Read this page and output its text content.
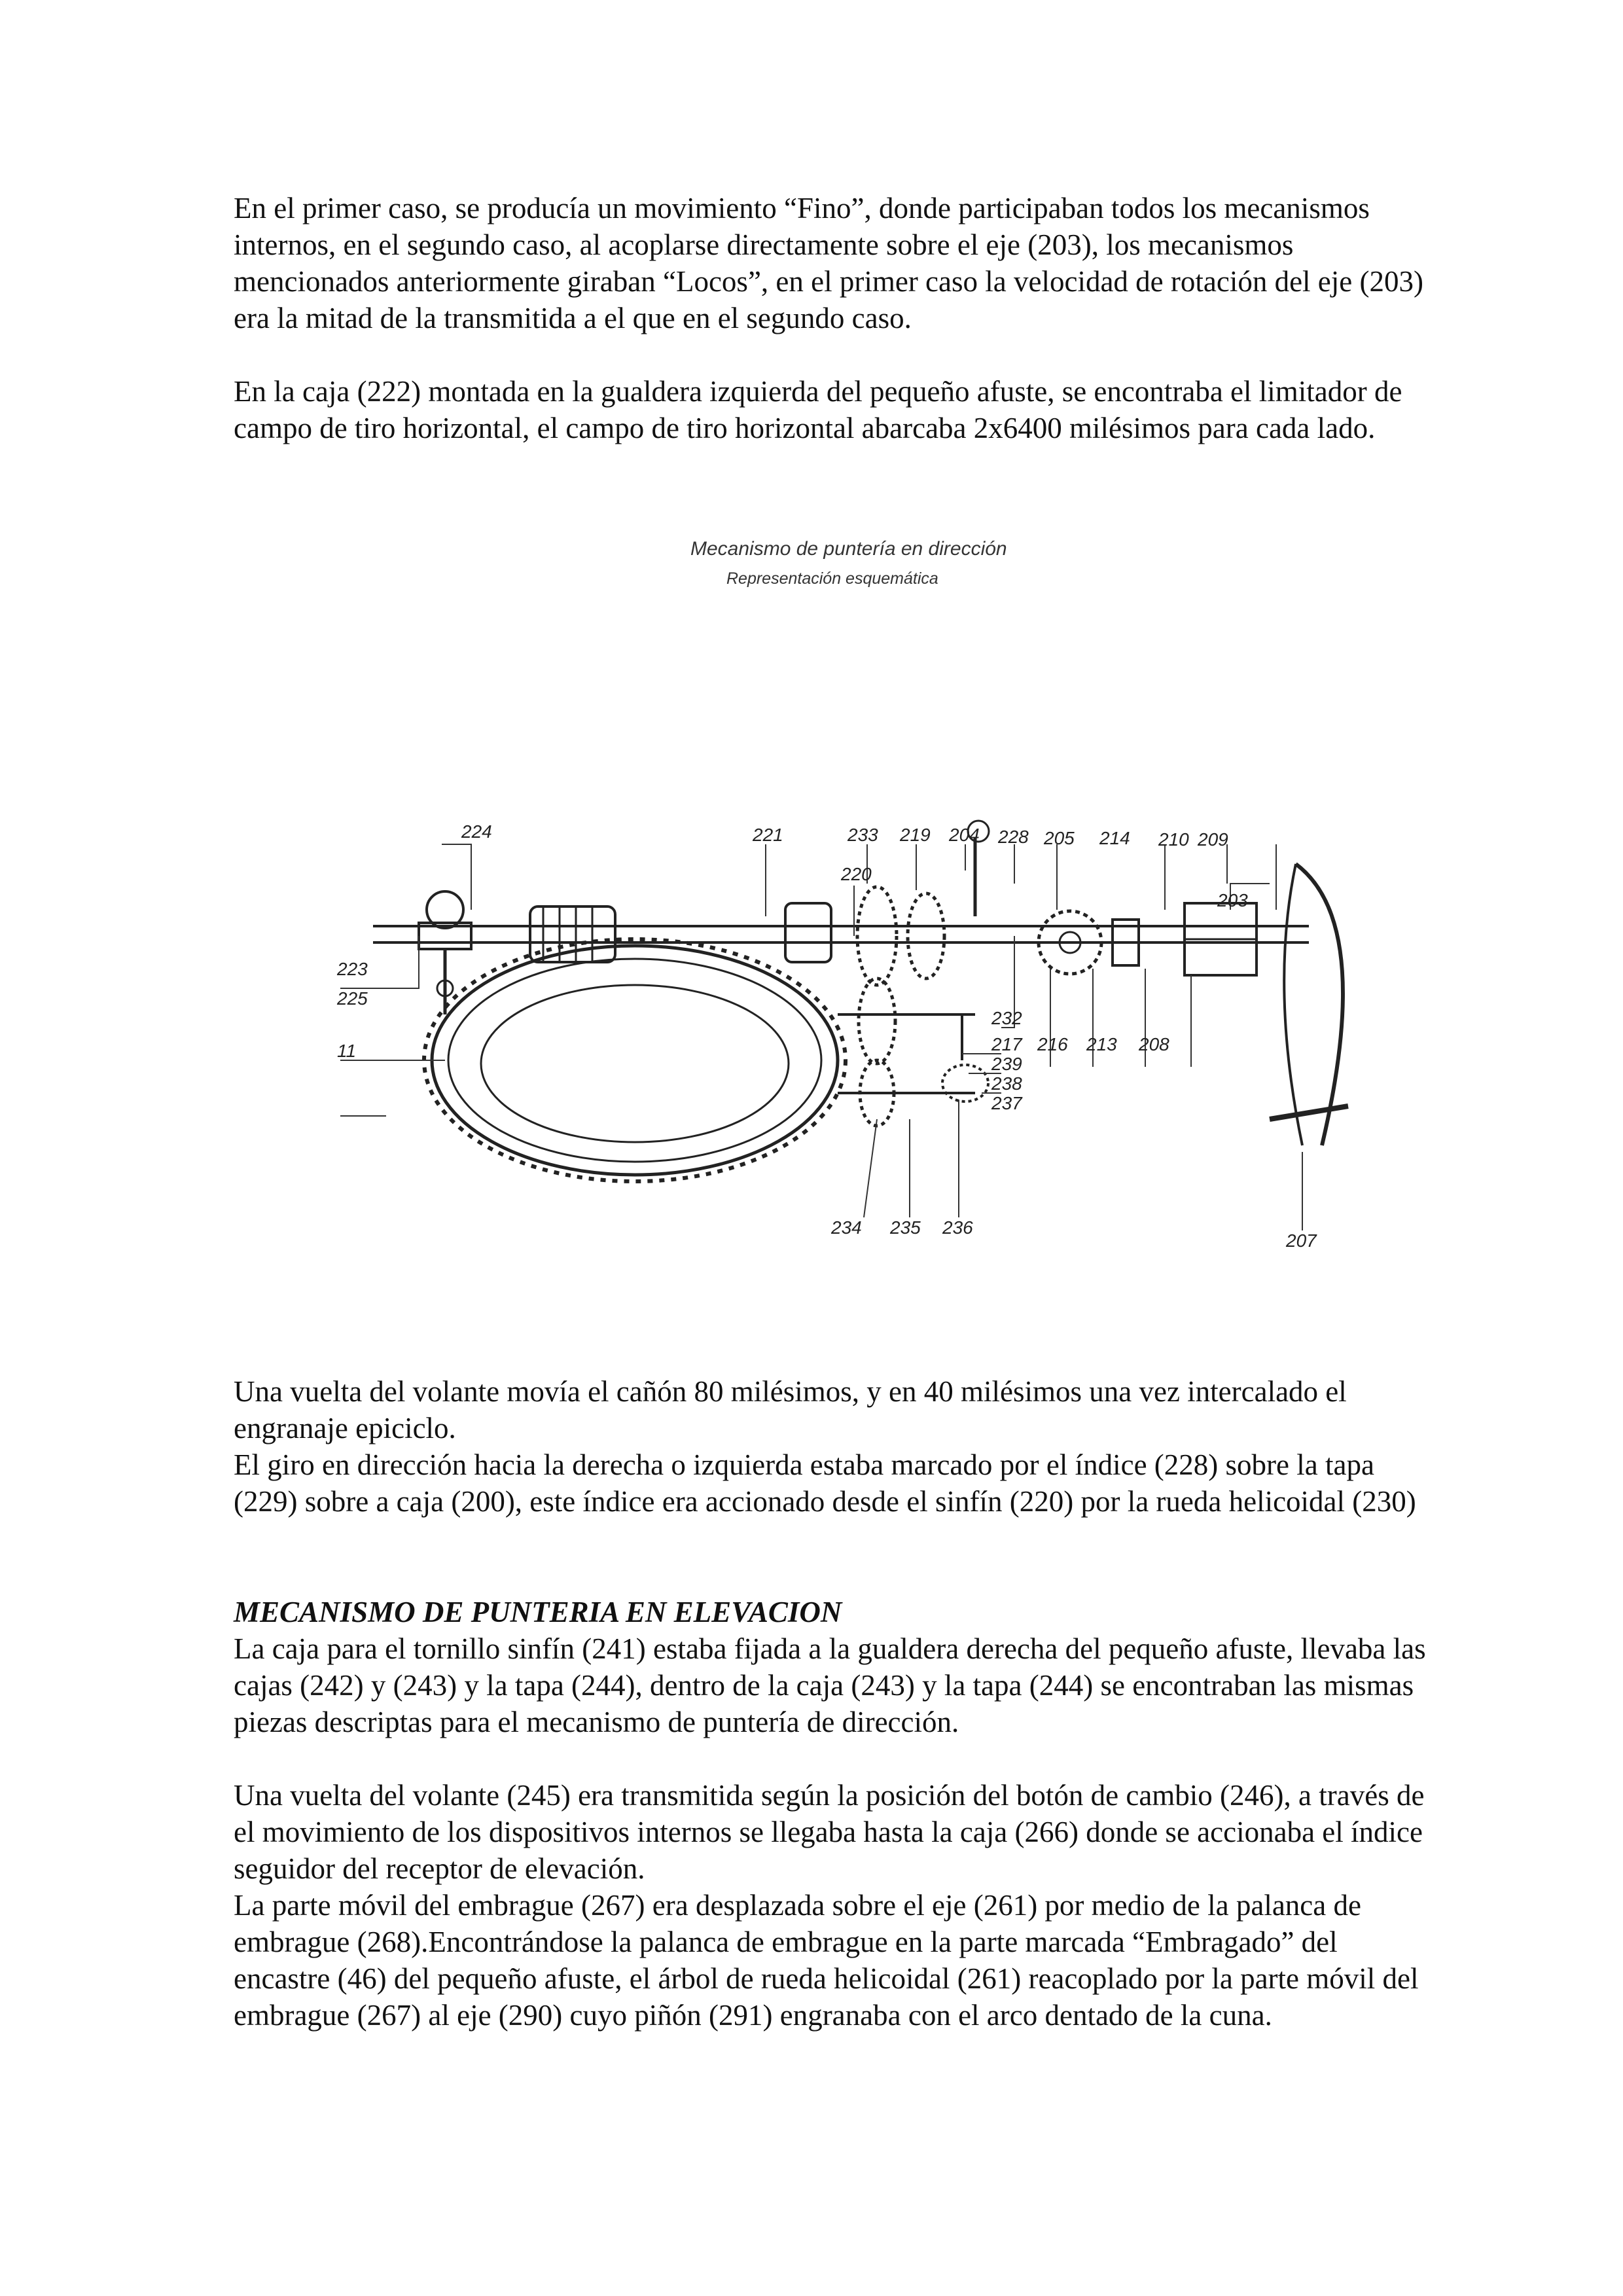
En el primer caso, se producía un movimiento “Fino”, donde participaban todos los mecanismos internos, en el segundo caso, al acoplarse directamente sobre el eje (203), los mecanismos mencionados anteriormente giraban “Locos”, en el primer caso la velocidad de rotación del eje (203) era la mitad de la transmitida a el que en el segundo caso.

En la caja (222) montada en la gualdera izquierda del pequeño afuste, se encontraba el limitador de campo de tiro horizontal, el campo de tiro horizontal abarcaba 2x6400 milésimos para cada lado.

Mecanismo de puntería en dirección
Representación esquemática
224	221	233 219 204 228 205 214 210 209
220
203
223
225
11
232
217 216 213 208
239
238
237
234 235 236
207

Una vuelta del volante movía el cañón 80 milésimos, y en 40 milésimos una vez intercalado el engranaje epiciclo.

El giro en dirección hacia la derecha o izquierda estaba marcado por el índice (228) sobre la tapa (229) sobre a caja (200), este índice era accionado desde el sinfín (220) por la rueda helicoidal (230)

MECANISMO DE PUNTERIA EN ELEVACION

La caja para el tornillo sinfín (241) estaba fijada a la gualdera derecha del pequeño afuste, llevaba las cajas (242) y (243) y la tapa (244), dentro de la caja (243) y la tapa (244) se encontraban las mismas piezas descriptas para el mecanismo de puntería de dirección.

Una vuelta del volante (245) era transmitida según la posición del botón de cambio (246), a través de el movimiento de los dispositivos internos se llegaba hasta la caja (266) donde se accionaba el índice seguidor del receptor de elevación.

La parte móvil del embrague (267) era desplazada sobre el eje (261) por medio de la palanca de embrague (268).Encontrándose la palanca de embrague en la parte marcada “Embragado” del encastre (46) del pequeño afuste, el árbol de rueda helicoidal (261) reacoplado por la parte móvil del embrague (267) al eje (290) cuyo piñón (291) engranaba con el arco dentado de la cuna.
